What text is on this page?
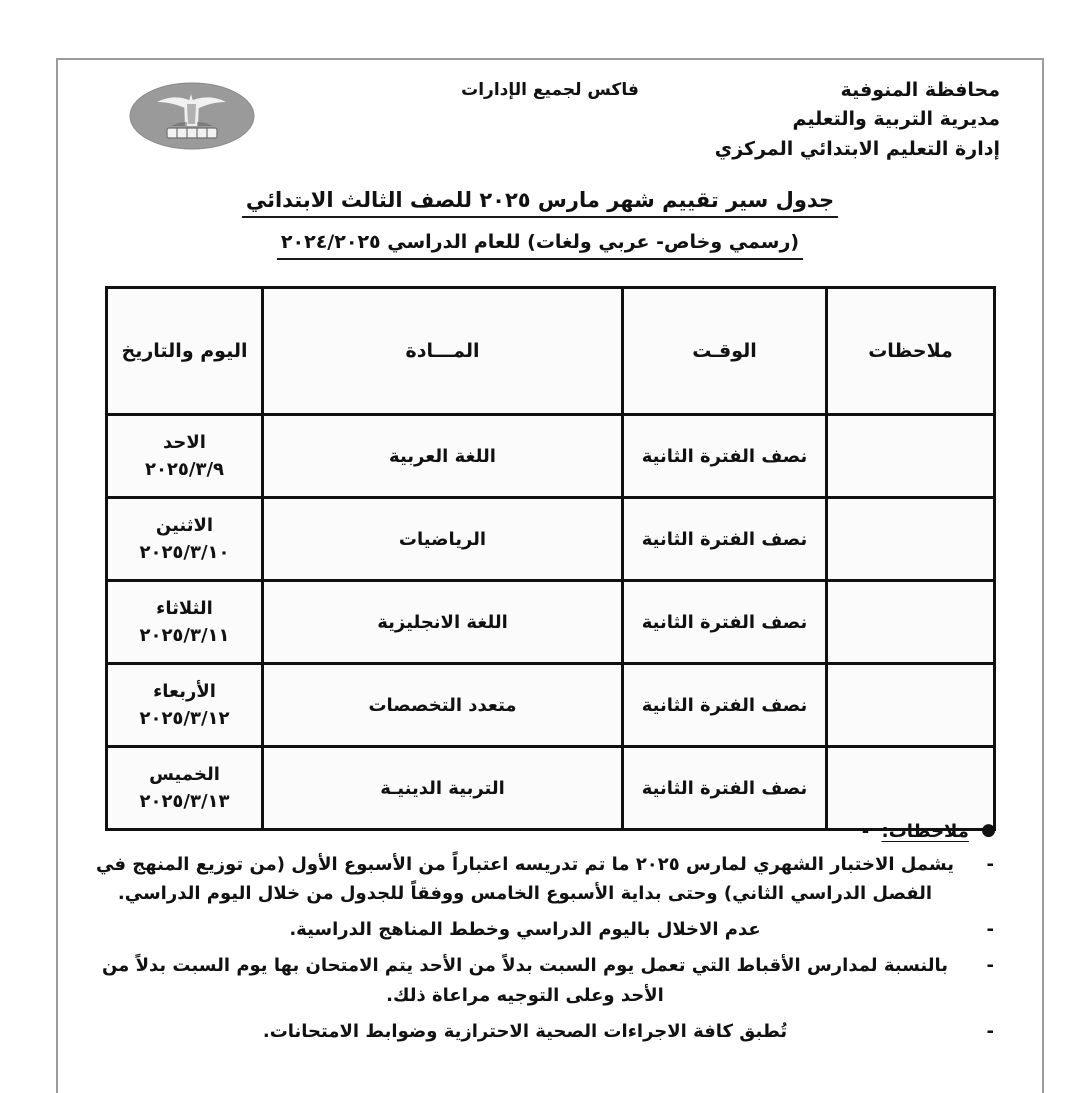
فاكس لجميع الإدارات	محافظة المنوفية
مديرية التربية والتعليم
إدارة التعليم الابتدائي المركزي
جدول سير تقييم شهر مارس ٢٠٢٥ للصف الثالث الابتدائي
(رسمي وخاص- عربي ولغات) للعام الدراسي ٢٠٢٤/٢٠٢٥
ملاحظات	الوقـت	المـــادة	اليوم والتاريخ
	نصف الفترة الثانية	اللغة العربية	الاحد
٢٠٢٥/٣/٩

	نصف الفترة الثانية	الرياضيات	الاثنين
٢٠٢٥/٣/١٠

	نصف الفترة الثانية	اللغة الانجليزية	الثلاثاء
٢٠٢٥/٣/١١

	نصف الفترة الثانية	متعدد التخصصات	الأربعاء
٢٠٢٥/٣/١٢

	نصف الفترة الثانية	التربية الدينيـة	الخميس
٢٠٢٥/٣/١٣
● ملاحظات: -
-
يشمل الاختبار الشهري لمارس ٢٠٢٥ ما تم تدريسه اعتباراً من الأسبوع الأول (من توزيع المنهج في الفصل الدراسي الثاني) وحتى بداية الأسبوع الخامس ووفقاً للجدول من خلال اليوم الدراسي.
-
عدم الاخلال باليوم الدراسي وخطط المناهج الدراسية.
-
بالنسبة لمدارس الأقباط التي تعمل يوم السبت بدلاً من الأحد يتم الامتحان بها يوم السبت بدلاً من الأحد وعلى التوجيه مراعاة ذلك.
-
تُطبق كافة الاجراءات الصحية الاحترازية وضوابط الامتحانات.
